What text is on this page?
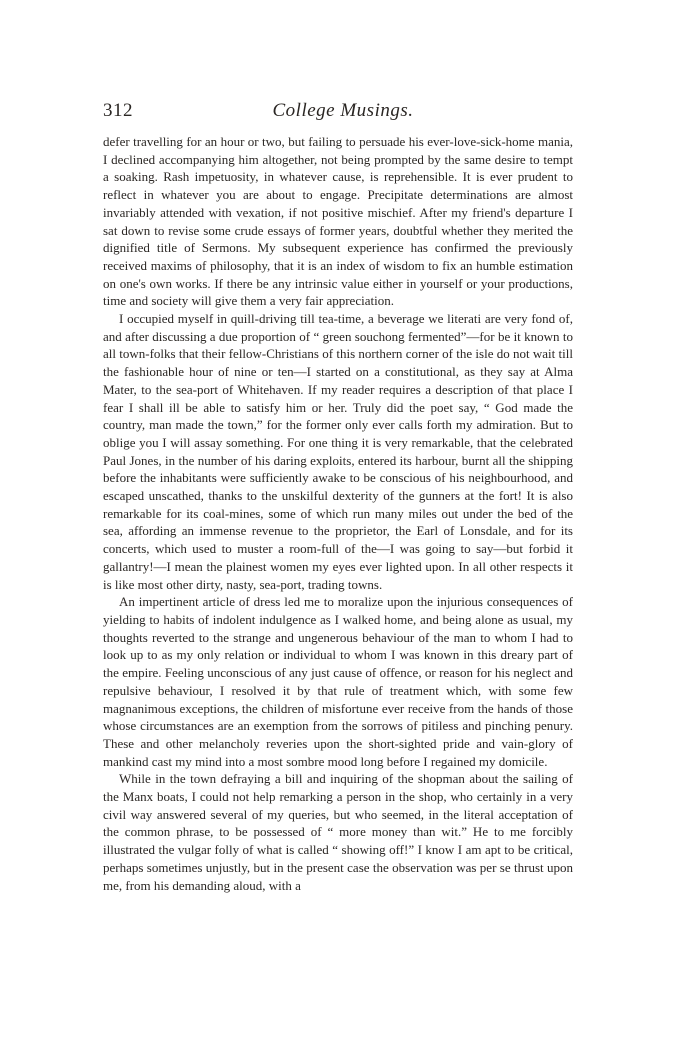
312	College Musings.

defer travelling for an hour or two, but failing to persuade his ever-love-sick-home mania, I declined accompanying him altogether, not being prompted by the same desire to tempt a soaking. Rash impetuosity, in whatever cause, is reprehensible. It is ever prudent to reflect in whatever you are about to engage. Precipitate determinations are almost invariably attended with vexation, if not positive mischief. After my friend's departure I sat down to revise some crude essays of former years, doubtful whether they merited the dignified title of Sermons. My subsequent experience has confirmed the previously received maxims of philosophy, that it is an index of wisdom to fix an humble estimation on one's own works. If there be any intrinsic value either in yourself or your productions, time and society will give them a very fair appreciation.

I occupied myself in quill-driving till tea-time, a beverage we literati are very fond of, and after discussing a due proportion of “ green souchong fermented”—for be it known to all town-folks that their fellow-Christians of this northern corner of the isle do not wait till the fashionable hour of nine or ten—I started on a constitutional, as they say at Alma Mater, to the sea-port of Whitehaven. If my reader requires a description of that place I fear I shall ill be able to satisfy him or her. Truly did the poet say, “ God made the country, man made the town,” for the former only ever calls forth my admiration. But to oblige you I will assay something. For one thing it is very remarkable, that the celebrated Paul Jones, in the number of his daring exploits, entered its harbour, burnt all the shipping before the inhabitants were sufficiently awake to be conscious of his neighbourhood, and escaped unscathed, thanks to the unskilful dexterity of the gunners at the fort! It is also remarkable for its coal-mines, some of which run many miles out under the bed of the sea, affording an immense revenue to the proprietor, the Earl of Lonsdale, and for its concerts, which used to muster a room-full of the—I was going to say—but forbid it gallantry!—I mean the plainest women my eyes ever lighted upon. In all other respects it is like most other dirty, nasty, sea-port, trading towns.

An impertinent article of dress led me to moralize upon the injurious consequences of yielding to habits of indolent indulgence as I walked home, and being alone as usual, my thoughts reverted to the strange and ungenerous behaviour of the man to whom I had to look up to as my only relation or individual to whom I was known in this dreary part of the empire. Feeling unconscious of any just cause of offence, or reason for his neglect and repulsive behaviour, I resolved it by that rule of treatment which, with some few magnanimous exceptions, the children of misfortune ever receive from the hands of those whose circumstances are an exemption from the sorrows of pitiless and pinching penury. These and other melancholy reveries upon the short-sighted pride and vain-glory of mankind cast my mind into a most sombre mood long before I regained my domicile.

While in the town defraying a bill and inquiring of the shopman about the sailing of the Manx boats, I could not help remarking a person in the shop, who certainly in a very civil way answered several of my queries, but who seemed, in the literal acceptation of the common phrase, to be possessed of “ more money than wit.” He to me forcibly illustrated the vulgar folly of what is called “ showing off!” I know I am apt to be critical, perhaps sometimes unjustly, but in the present case the observation was per se thrust upon me, from his demanding aloud, with a
